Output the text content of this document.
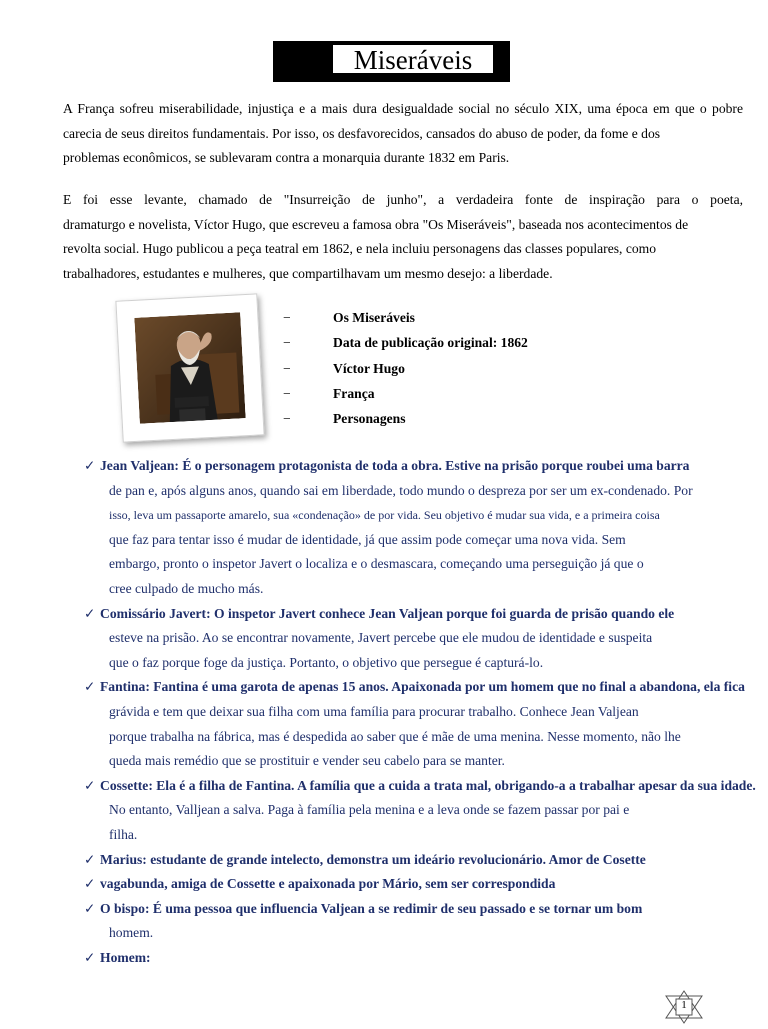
Miseráveis

A França sofreu miserabilidade, injustiça e a mais dura desigualdade social no século XIX, uma época em que o pobre
carecia de seus direitos fundamentais. Por isso, os desfavorecidos, cansados do abuso de poder, da fome e dos
problemas econômicos, se sublevaram contra a monarquia durante 1832 em Paris.

E foi esse levante, chamado de "Insurreição de junho", a verdadeira fonte de inspiração para o poeta,
dramaturgo e novelista, Víctor Hugo, que escreveu a famosa obra "Os Miseráveis", baseada nos acontecimentos de
revolta social. Hugo publicou a peça teatral em 1862, e nela incluiu personagens das classes populares, como
trabalhadores, estudantes e mulheres, que compartilhavam um mesmo desejo: a liberdade.

−	Os Miseráveis
−	Data de publicação original: 1862
−	Víctor Hugo
−	França
−	Personagens
✓ Jean Valjean: É o personagem protagonista de toda a obra. Estive na prisão porque roubei uma barra
de pan e, após alguns anos, quando sai em liberdade, todo mundo o despreza por ser um ex-condenado. Por
isso, leva um passaporte amarelo, sua «condenação» de por vida. Seu objetivo é mudar sua vida, e a primeira coisa
que faz para tentar isso é mudar de identidade, já que assim pode começar uma nova vida. Sem
embargo, pronto o inspetor Javert o localiza e o desmascara, começando uma perseguição já que o
cree culpado de mucho más.
✓ Comissário Javert: O inspetor Javert conhece Jean Valjean porque foi guarda de prisão quando ele
esteve na prisão. Ao se encontrar novamente, Javert percebe que ele mudou de identidade e suspeita
que o faz porque foge da justiça. Portanto, o objetivo que persegue é capturá-lo.
✓ Fantina: Fantina é uma garota de apenas 15 anos. Apaixonada por um homem que no final a abandona, ela fica
grávida e tem que deixar sua filha com uma família para procurar trabalho. Conhece Jean Valjean
porque trabalha na fábrica, mas é despedida ao saber que é mãe de uma menina. Nesse momento, não lhe
queda mais remédio que se prostituir e vender seu cabelo para se manter.
✓ Cossette: Ela é a filha de Fantina. A família que a cuida a trata mal, obrigando-a a trabalhar apesar da sua idade.
No entanto, Valljean a salva. Paga à família pela menina e a leva onde se fazem passar por pai e
filha.
✓ Marius: estudante de grande intelecto, demonstra um ideário revolucionário. Amor de Cosette
✓ vagabunda, amiga de Cossette e apaixonada por Mário, sem ser correspondida
✓ O bispo: É uma pessoa que influencia Valjean a se redimir de seu passado e se tornar um bom
homem.
✓ Homem:
1
